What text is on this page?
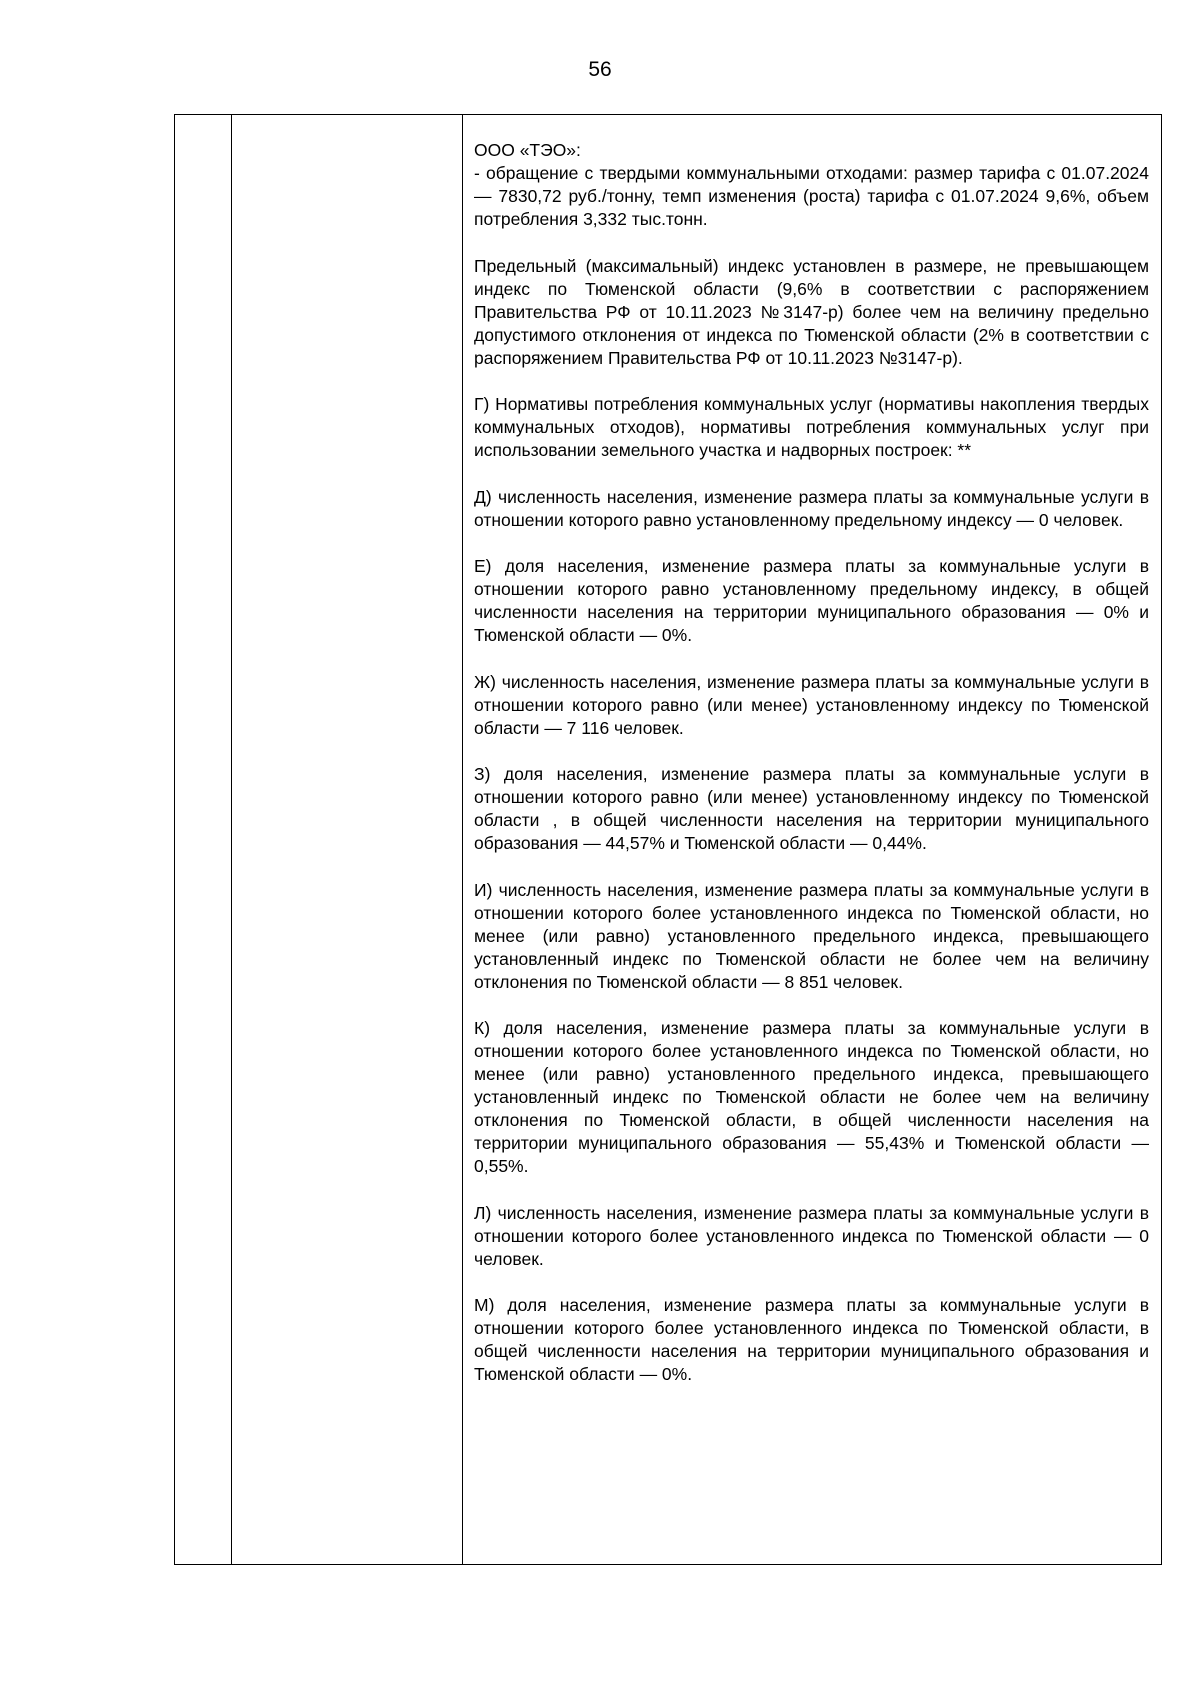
56

ООО «ТЭО»:
- обращение с твердыми коммунальными отходами: размер тарифа с 01.07.2024 — 7830,72 руб./тонну, темп изменения (роста) тарифа с 01.07.2024 9,6%, объем потребления 3,332 тыс.тонн.

Предельный (максимальный) индекс установлен в размере, не превышающем индекс по Тюменской области (9,6% в соответствии с распоряжением Правительства РФ от 10.11.2023 №3147-р) более чем на величину предельно допустимого отклонения от индекса по Тюменской области (2% в соответствии с распоряжением Правительства РФ от 10.11.2023 №3147-р).

Г) Нормативы потребления коммунальных услуг (нормативы накопления твердых коммунальных отходов), нормативы потребления коммунальных услуг при использовании земельного участка и надворных построек: **

Д) численность населения, изменение размера платы за коммунальные услуги в отношении которого равно установленному предельному индексу — 0 человек.

Е) доля населения, изменение размера платы за коммунальные услуги в отношении которого равно установленному предельному индексу, в общей численности населения на территории муниципального образования — 0% и Тюменской области — 0%.

Ж) численность населения, изменение размера платы за коммунальные услуги в отношении которого равно (или менее) установленному индексу по Тюменской области — 7 116 человек.

З) доля населения, изменение размера платы за коммунальные услуги в отношении которого равно (или менее) установленному индексу по Тюменской области , в общей численности населения на территории муниципального образования — 44,57% и Тюменской области — 0,44%.

И) численность населения, изменение размера платы за коммунальные услуги в отношении которого более установленного индекса по Тюменской области, но менее (или равно) установленного предельного индекса, превышающего установленный индекс по Тюменской области не более чем на величину отклонения по Тюменской области — 8 851 человек.

К) доля населения, изменение размера платы за коммунальные услуги в отношении которого более установленного индекса по Тюменской области, но менее (или равно) установленного предельного индекса, превышающего установленный индекс по Тюменской области не более чем на величину отклонения по Тюменской области, в общей численности населения на территории муниципального образования — 55,43% и Тюменской области — 0,55%.

Л) численность населения, изменение размера платы за коммунальные услуги в отношении которого более установленного индекса по Тюменской области — 0 человек.

М) доля населения, изменение размера платы за коммунальные услуги в отношении которого более установленного индекса по Тюменской области, в общей численности населения на территории муниципального образования и Тюменской области — 0%.
